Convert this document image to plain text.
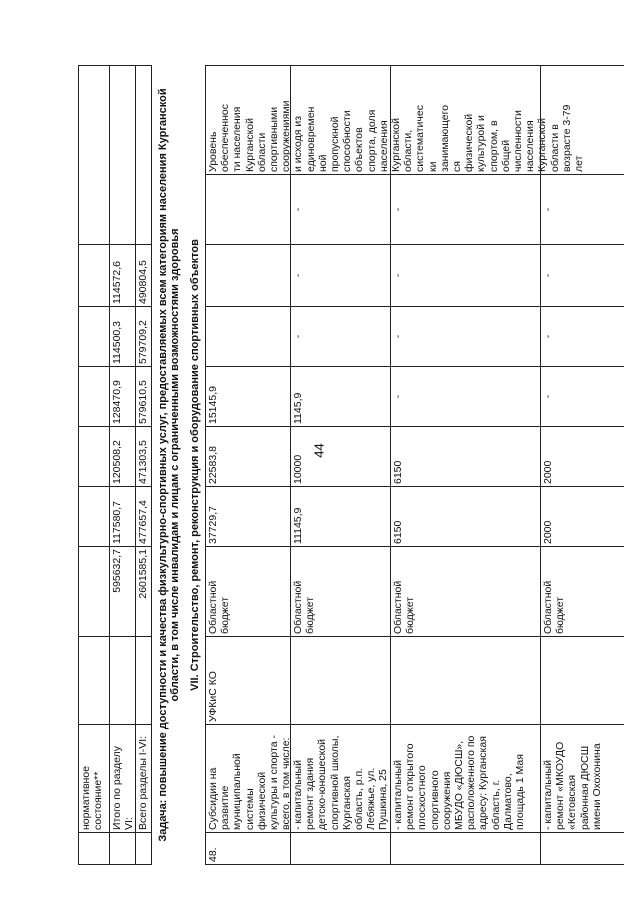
44
нормативное
состояние** Итого по разделу
VI:
595632,7
117580,7
120508,2
128470,9
114500,3
114572,6
Всего разделы I-VI:
2601585,1
477657,4
471303,5
579610,5
579709,2
490804,5 Задача: повышение доступности и качества физкультурно-спортивных услуг, предоставляемых всем категориям населения Курганской области, в том числе инвалидам и лицам с ограниченными возможностями здоровья VII. Строительство, ремонт, реконструкция и оборудование спортивных объектов
48.
Субсидии на
развитие
муниципальной
системы
физической
культуры и спорта -
всего, в том числе:
УФКиС КО
Областной
бюджет
37729,7
22583,8
15145,9
Уровень
обеспеченнос
ти населения
Курганской
области
спортивными
сооружениями
и исходя из
единовремен
ной
пропускной
способности
объектов
спорта, доля
населения
Курганской
области,
систематичес
ки
занимающего
ся
физической
культурой и
спортом, в
общей
численности
населения
Курганской
области в
возрасте 3-79
лет
- капитальный
ремонт здания
детско-юношеской
спортивной школы,
Курганская
область, р.п.
Лебяжье, ул.
Пушкина, 25
Областной
бюджет
11145,9
10000
1145,9
-
-
-
- капитальный
ремонт открытого
плоскостного
спортивного
сооружения
МБУДО «ДЮСШ»,
расположенного по
адресу: Курганская
область, г.
Далматово,
площадь 1 Мая
Областной
бюджет
6150
6150
-
-
-
-
- капитальный
ремонт «МКОУДО
«Кетовская
районная ДЮСШ
имени Охохонина
Областной
бюджет
2000
2000
-
-
-
-
